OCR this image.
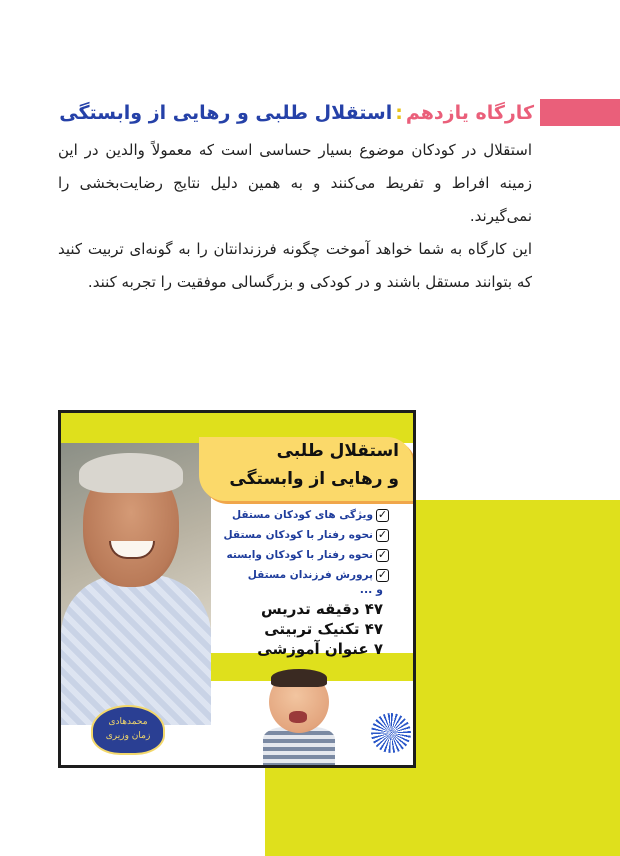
کارگاه یازدهم:استقلال طلبی و رهایی از وابستگی

استقلال در کودکان موضوع بسیار حساسی است که معمولاً والدین در این زمینه افراط و تفریط می‌کنند و به همین دلیل نتایج رضایت‌بخشی را نمی‌گیرند.

این کارگاه به شما خواهد آموخت چگونه فرزندانتان را به گونه‌ای تربیت کنید که بتوانند مستقل باشند و در کودکی و بزرگسالی موفقیت را تجربه کنند.

استقلال طلبی
و رهایی از وابستگی
✓
ویژگی های کودکان مستقل
✓
نحوه رفتار با کودکان مستقل
✓
نحوه رفتار با کودکان وابسته
✓
پرورش فرزندان مستقل
و ...
۴۷ دقیقه تدریس
۴۷ تکنیک تربیتی
۷ عنوان آموزشی
محمدهادی
زمان وزیری
